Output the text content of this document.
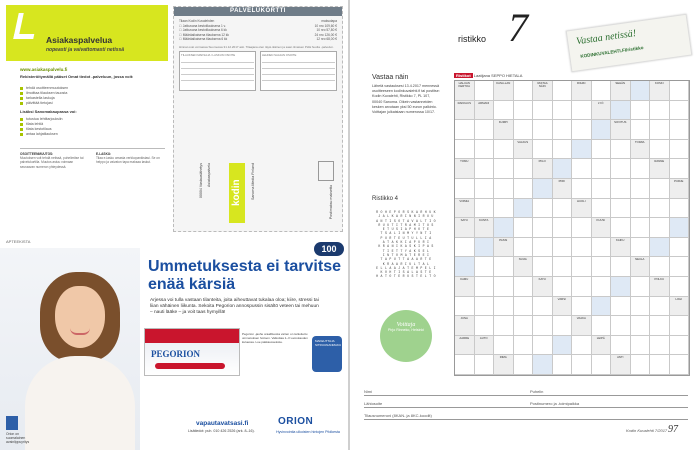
Asiakaspalvelua
nopeasti ja vaivattomasti netissä
www.asiakaspalvelu.fi
Rekisteröitymällä pääset Omat tiedot -palveluun, jossa voit:
tehdä osoitteenmuutoksen
ilmoittaa tilauksen tauosta
tarkastella laskuja
päivittää tietojasi
Lisäksi Sanomakaupassa voi:
tutustua lehtitarjouksiin
tilata lehtiä
tilata kestotilaus
antaa lahjatilauksen
OSOITTEENMUUTOS:
Muutoksen voit tehdä netissä, puhelimitse tai palvelukortilla. Muutos astuu voimaan seuraavan numeron yhteydessä.
E-LASKU:
Tilaa e-lasku omasta verkkopankistasi. Se on helppo ja vaivaton tapa maksaa laskut.
PALVELUKORTTI
Tilaan Kodin Kuvalehden	maksutapa
☐ Jatkuvana kestotilauksena 1 v.	10 nro 109,60 €
☐ Jatkuvana kestotilauksena 6 kk	10 nro 57,80 €
☐ Määräaikaisena tilauksena 12 kk	24 nro 126,00 €
☐ Määräaikaisena tilauksena 6 kk	12 nro 68,00 €
Hinnat ovat voimassa Suomessa 31.12.2017 asti. Tilaajana olen täysi-ikäinen ja saan ilmaisen Pidä huolta -palvelun.
TILAUKSEN MAKSAJA / LASKUN OSOITE	LEHDEN SAAJAN OSOITE
00004 Vastauslähetys Asiakaspalvelu
kodin	Sanoma Media Finland
Postimaksu maksettu
APTEEKISTA
100
Ummetuksesta ei tarvitse enää kärsiä
Arjessa voi tulla vastaan tilanteita, joita aiheuttavat tukalaa oloa; kiire, stressi tai liian vähäinen liikunta. Sekoita Pegorion annospussin sisältö veteen tai mehuun – nauti lääke – ja voit taas hymyillä!
PEGORION
Pegorion -jauhe oraaliliuosta varten on tarkoitettu ummetuksen hoitoon. Vaikuttaa 1–3 vuorokauden kuluessa. Lue pakkausseloste.	MAKEUTTAJA SITRUUNANMAKU
vapautavatsasi.fi
Lisätiedot: puh. 010 426 2526 (ark. 8–16).
ORION
Hyvinvointia ulkoisten hintojen Pfolkesta
Orion on suomalainen avainlippuyritys
ristikko 7	Vastaa netissä!
KODINKUVALEHTI.FI/ristikko
Vastaa näin
Lähetä vastauksesi 13.4.2017 mennessä osoitteeseen kodinkuvalehti.fi tai postitse: Kodin Kuvalehti, Ristikko 7, PL 107, 00040 Sanoma. Oikein vastanneiden kesken arvotaan yksi 50 euron palkinto. Voittajan julkaistaan numerossa 10/17.
Ristikko 4
R O H E P O R S K A R H U K
J A L K A R I N N I R U U
A N T I S O T A V A L T I O
R U U T I T R A M I T U S
E T U S I A P H O T E
T S A L I N M Y Y N T I
P U R T E U T U L L I A
A T A K K I A P U R I
K R A N I K A S K I P A S
T I E T T Y A K S E L
I N T O M A T E R E I
T A P U T T A A A R T E
K R A A R I U L T A L
E L L A A J A T E M P E L I
K O H T I S A L A S T E
H A T O T E R U S T E L T O
Voittaja
Pirjo Rinneko, Helsinki
Ristikot Laatijana SEPPO HIETALA
HALUAN KERTOA
KANA-LAN	VASTAA NÄIN
RIIHIN	SEHÄN	KOSKI
RAKKAUS	ARMANI	LYÖ
KUMPI	SOVITUS
VAJAUS	TOIMIA
TOMU	PIILO	RANNE
PIIRI	PURJE
VOIMIA	HUOLI
SATU	KUNTA	KUUSI
PASSI	KAIKU
NUIJA	NEULA
KAMU	KATU	POLKU
VARSI	LOHI
JUNA	VAAKA
AARRE	AUTO	LEIPÄ
RIMA	ANTI
Nimi	Puhelin
Lähiosoite	Postinumero ja -toimipaikka
Tilausnumeroni (8KAN- ja 8KC-koodit)
Kodin Kuvalehti 7/2017 97
